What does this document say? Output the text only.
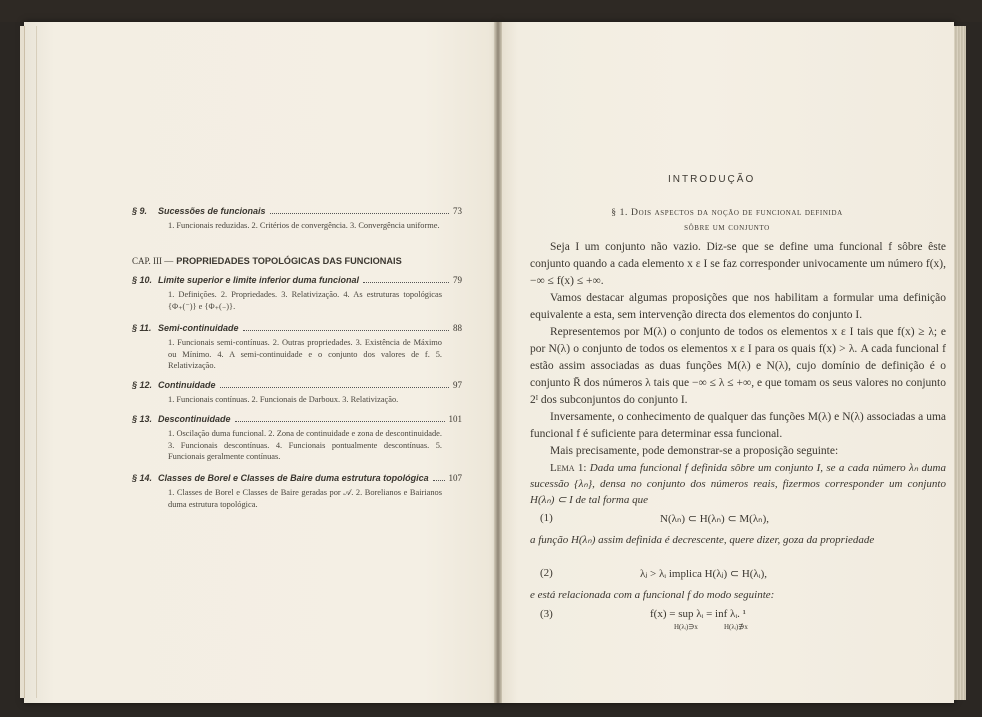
§ 9.	Sucessões de funcionais	73
1. Funcionais reduzidas. 2. Critérios de convergência. 3. Convergência uniforme.
CAP. III — PROPRIEDADES TOPOLÓGICAS DAS FUNCIONAIS
§ 10. Limite superior e limite inferior duma funcional	79
1. Definições. 2. Propriedades. 3. Relativização. 4. As estruturas topológicas {Φ₊(⁻)} e {Φ₊(₋)}.
§ 11. Semi-continuidade	88
1. Funcionais semi-contínuas. 2. Outras propriedades. 3. Existência de Máximo ou Mínimo. 4. A semi-continuidade e o conjunto dos valores de f. 5. Relativização.
§ 12. Continuidade	97
1. Funcionais contínuas. 2. Funcionais de Darboux. 3. Relativização.
§ 13. Descontinuidade	101
1. Oscilação duma funcional. 2. Zona de continuidade e zona de descontinuidade. 3. Funcionais descontínuas. 4. Funcionais pontualmente descontínuas. 5. Funcionais geralmente contínuas.
§ 14. Classes de Borel e Classes de Baire duma estrutura topológica 107
1. Classes de Borel e Classes de Baire geradas por 𝒜. 2. Borelianos e Bairianos duma estrutura topológica.
INTRODUÇÃO
§ 1. Dois aspectos da noção de funcional definida
sôbre um conjunto

Seja I um conjunto não vazio. Diz-se que se define uma funcional f sôbre êste conjunto quando a cada elemento x ε I se faz corresponder univocamente um número f(x), −∞ ≤ f(x) ≤ +∞.

Vamos destacar algumas proposições que nos habilitam a formular uma definição equivalente a esta, sem intervenção directa dos elementos do conjunto I.

Representemos por M(λ) o conjunto de todos os elementos x ε I tais que f(x) ≥ λ; e por N(λ) o conjunto de todos os elementos x ε I para os quais f(x) > λ. A cada funcional f estão assim associadas as duas funções M(λ) e N(λ), cujo domínio de definição é o conjunto R̄ dos números λ tais que −∞ ≤ λ ≤ +∞, e que tomam os seus valores no conjunto 2ᴵ dos subconjuntos do conjunto I.

Inversamente, o conhecimento de qualquer das funções M(λ) e N(λ) associadas a uma funcional f é suficiente para determinar essa funcional.

Mais precisamente, pode demonstrar-se a proposição seguinte:

Lema 1: Dada uma funcional f definida sôbre um conjunto I, se a cada número λₙ duma sucessão {λₙ}, densa no conjunto dos números reais, fizermos corresponder um conjunto H(λₙ) ⊂ I de tal forma que
(1)	N(λₙ) ⊂ H(λₙ) ⊂ M(λₙ),
a função H(λₙ) assim definida é decrescente, quere dizer, goza da propriedade
(2)	λⱼ > λᵢ implica H(λⱼ) ⊂ H(λᵢ),
e está relacionada com a funcional f do modo seguinte:
(3)	f(x) = sup λᵢ = inf λᵢ. ¹
H(λᵢ)∋x	H(λᵢ)∌x
